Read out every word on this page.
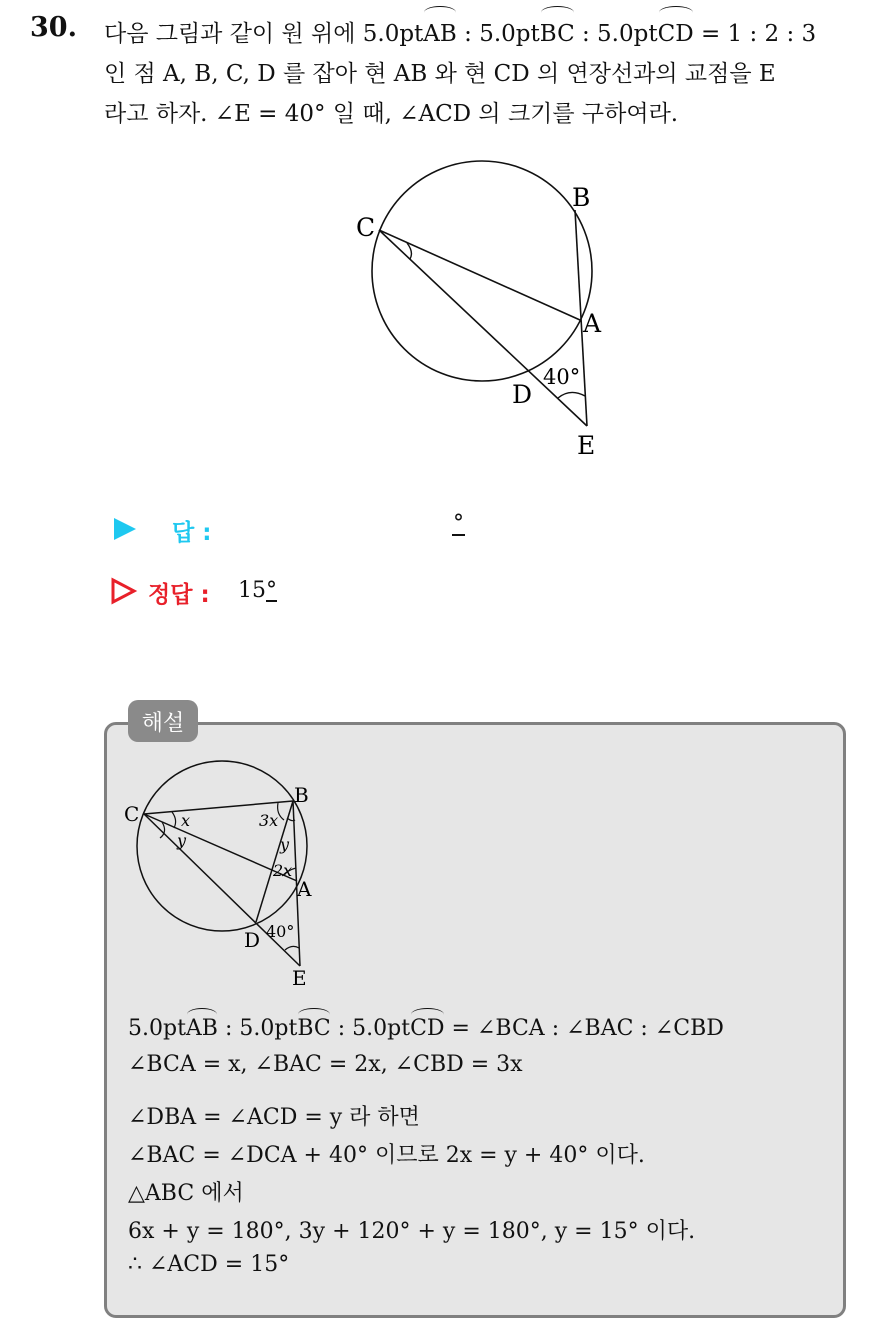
30. 다음 그림과 같이 원 위에 5.0ptAB : 5.0ptBC : 5.0ptCD = 1 : 2 : 3
인 점 A, B, C, D 를 잡아 현 AB 와 현 CD 의 연장선과의 교점을 E
라고 하자. ∠E = 40° 일 때, ∠ACD 의 크기를 구하여라.
C
B
A
D
E
40°
답 :	°
정답 : 15°
해설
C
B
A
D
E
x
y
3x
y
2x
40°
5.0ptAB : 5.0ptBC : 5.0ptCD = ∠BCA : ∠BAC : ∠CBD
∠BCA = x, ∠BAC = 2x, ∠CBD = 3x
∠DBA = ∠ACD = y 라 하면
∠BAC = ∠DCA + 40° 이므로 2x = y + 40° 이다.
△ABC 에서
6x + y = 180°, 3y + 120° + y = 180°, y = 15° 이다.
∴ ∠ACD = 15°
